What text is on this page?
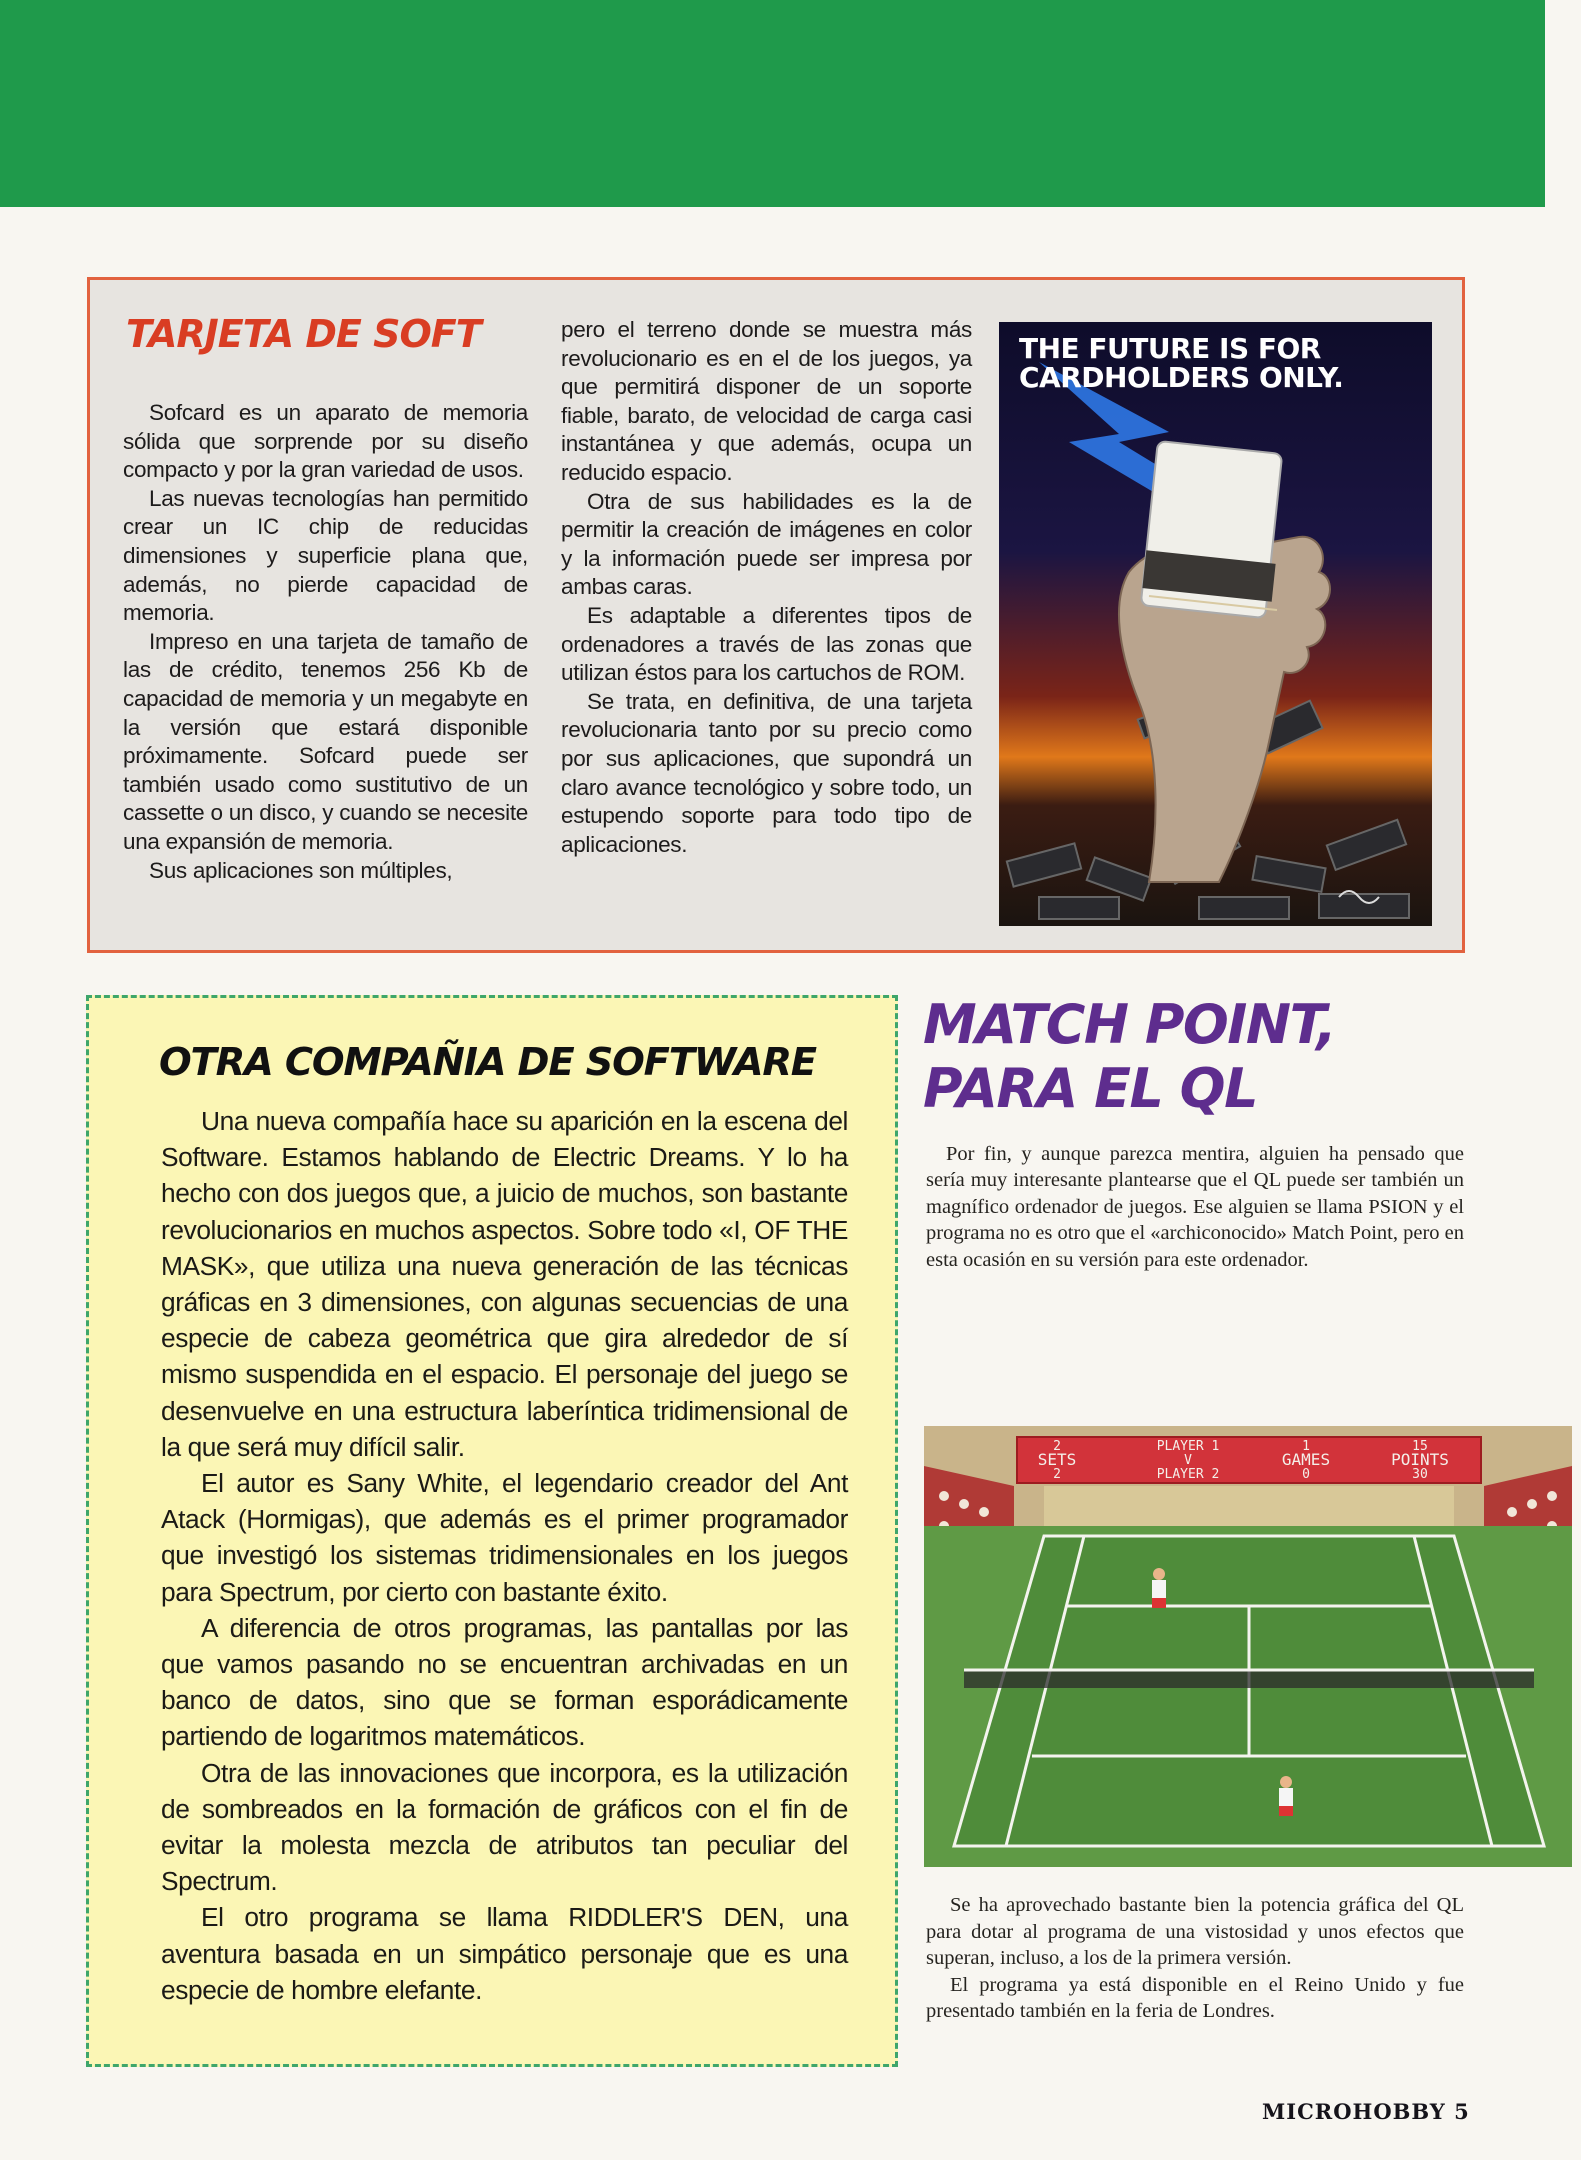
TARJETA DE SOFT

Sofcard es un aparato de memoria sólida que sorprende por su diseño compacto y por la gran variedad de usos.

Las nuevas tecnologías han permitido crear un IC chip de reducidas dimensiones y superficie plana que, además, no pierde capacidad de memoria.

Impreso en una tarjeta de tamaño de las de crédito, tenemos 256 Kb de capacidad de memoria y un megabyte en la versión que estará disponible próximamente. Sofcard puede ser también usado como sustitutivo de un cassette o un disco, y cuando se necesite una expansión de memoria.

Sus aplicaciones son múltiples,

pero el terreno donde se muestra más revolucionario es en el de los juegos, ya que permitirá disponer de un soporte fiable, barato, de velocidad de carga casi instantánea y que además, ocupa un reducido espacio.

Otra de sus habilidades es la de permitir la creación de imágenes en color y la información puede ser impresa por ambas caras.

Es adaptable a diferentes tipos de ordenadores a través de las zonas que utilizan éstos para los cartuchos de ROM.

Se trata, en definitiva, de una tarjeta revolucionaria tanto por su precio como por sus aplicaciones, que supondrá un claro avance tecnológico y sobre todo, un estupendo soporte para todo tipo de aplicaciones.

THE FUTURE IS FOR
CARDHOLDERS ONLY.
OTRA COMPAÑIA DE SOFTWARE

Una nueva compañía hace su aparición en la escena del Software. Estamos hablando de Electric Dreams. Y lo ha hecho con dos juegos que, a juicio de muchos, son bastante revolucionarios en muchos aspectos. Sobre todo «I, OF THE MASK», que utiliza una nueva generación de las técnicas gráficas en 3 dimensiones, con algunas secuencias de una especie de cabeza geométrica que gira alrededor de sí mismo suspendida en el espacio. El personaje del juego se desenvuelve en una estructura laberíntica tridimensional de la que será muy difícil salir.

El autor es Sany White, el legendario creador del Ant Atack (Hormigas), que además es el primer programador que investigó los sistemas tridimensionales en los juegos para Spectrum, por cierto con bastante éxito.

A diferencia de otros programas, las pantallas por las que vamos pasando no se encuentran archivadas en un banco de datos, sino que se forman esporádicamente partiendo de logaritmos matemáticos.

Otra de las innovaciones que incorpora, es la utilización de sombreados en la formación de gráficos con el fin de evitar la molesta mezcla de atributos tan peculiar del Spectrum.

El otro programa se llama RIDDLER'S DEN, una aventura basada en un simpático personaje que es una especie de hombre elefante.

MATCH POINT,
PARA EL QL

Por fin, y aunque parezca mentira, alguien ha pensado que sería muy interesante plantearse que el QL puede ser también un magnífico ordenador de juegos. Ese alguien se llama PSION y el programa no es otro que el «archiconocido» Match Point, pero en esta ocasión en su versión para este ordenador.

2
SETS
2
PLAYER 1
V
PLAYER 2
1
GAMES
0
15
POINTS
30

Se ha aprovechado bastante bien la potencia gráfica del QL para dotar al programa de una vistosidad y unos efectos que superan, incluso, a los de la primera versión.

El programa ya está disponible en el Reino Unido y fue presentado también en la feria de Londres.

MICROHOBBY 5
